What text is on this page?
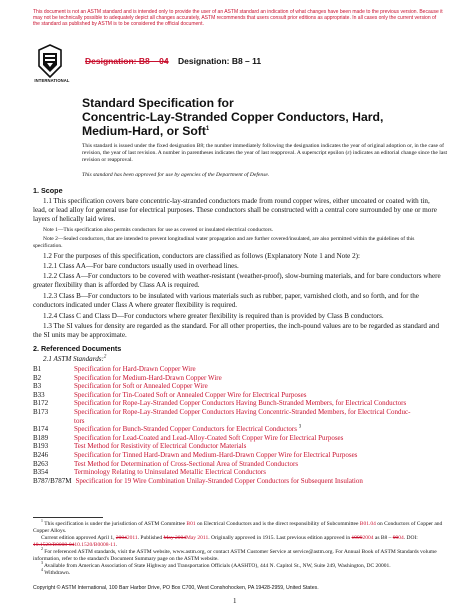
This document is not an ASTM standard and is intended only to provide the user of an ASTM standard an indication of what changes have been made to the previous version. Because it may not be technically possible to adequately depict all changes accurately, ASTM recommends that users consult prior editions as appropriate. In all cases only the current version of the standard as published by ASTM is to be considered the official document.
INTERNATIONAL
Designation: B8 – 04 Designation: B8 – 11
Standard Specification for
Concentric-Lay-Stranded Copper Conductors, Hard,
Medium-Hard, or Soft$^1$
This standard is issued under the fixed designation B8; the number immediately following the designation indicates the year of original adoption or, in the case of revision, the year of last revision. A number in parentheses indicates the year of last reapproval. A superscript epsilon (ε) indicates an editorial change since the last revision or reapproval.
This standard has been approved for use by agencies of the Department of Defense.
1. Scope
1.1 This specification covers bare concentric-lay-stranded conductors made from round copper wires, either uncoated or coated with tin, lead, or lead alloy for general use for electrical purposes. These conductors shall be constructed with a central core surrounded by one or more layers of helically laid wires.
Note 1—This specification also permits conductors for use as covered or insulated electrical conductors.
Note 2—Sealed conductors, that are intended to prevent longitudinal water propagation and are further covered/insulated, are also permitted within the guidelines of this specification.
1.2 For the purposes of this specification, conductors are classified as follows (Explanatory Note 1 and Note 2):
1.2.1 Class AA—For bare conductors usually used in overhead lines.
1.2.2 Class A—For conductors to be covered with weather-resistant (weather-proof), slow-burning materials, and for bare conductors where greater flexibility than is afforded by Class AA is required.
1.2.3 Class B—For conductors to be insulated with various materials such as rubber, paper, varnished cloth, and so forth, and for the conductors indicated under Class A where greater flexibility is required.
1.2.4 Class C and Class D—For conductors where greater flexibility is required than is provided by Class B conductors.
1.3 The SI values for density are regarded as the standard. For all other properties, the inch-pound values are to be regarded as standard and the SI units may be approximate.
2. Referenced Documents
2.1 ASTM Standards:$^2$
B1	Specification for Hard-Drawn Copper Wire
B2	Specification for Medium-Hard-Drawn Copper Wire
B3	Specification for Soft or Annealed Copper Wire
B33	Specification for Tin-Coated Soft or Annealed Copper Wire for Electrical Purposes
B172	Specification for Rope-Lay-Stranded Copper Conductors Having Bunch-Stranded Members, for Electrical Conductors
B173	Specification for Rope-Lay-Stranded Copper Conductors Having Concentric-Stranded Members, for Electrical Conduc-
tors
B174	Specification for Bunch-Stranded Copper Conductors for Electrical Conductors $^3$
B189	Specification for Lead-Coated and Lead-Alloy-Coated Soft Copper Wire for Electrical Purposes
B193	Test Method for Resistivity of Electrical Conductor Materials
B246	Specification for Tinned Hard-Drawn and Medium-Hard-Drawn Copper Wire for Electrical Purposes
B263	Test Method for Determination of Cross-Sectional Area of Stranded Conductors
B354	Terminology Relating to Uninsulated Metallic Electrical Conductors
B787/B787M Specification for 19 Wire Combination Unilay-Stranded Copper Conductors for Subsequent Insulation
$^1$ This specification is under the jurisdiction of ASTM Committee B01 on Electrical Conductors and is the direct responsibility of Subcommittee B01.04 on Conductors of Copper and Copper Alloys.
Current edition approved April 1, 20042011. Published May 2004May 2011. Originally approved in 1915. Last previous edition approved in 19992004 as B8 – 9904. DOI: 10.1520/B0008-0410.1520/B0008-11.
$^2$ For referenced ASTM standards, visit the ASTM website, www.astm.org, or contact ASTM Customer Service at service@astm.org. For Annual Book of ASTM Standards volume information, refer to the standard's Document Summary page on the ASTM website.
$^3$ Available from American Association of State Highway and Transportation Officials (AASHTO), 444 N. Capitol St., NW, Suite 249, Washington, DC 20001.
$^4$ Withdrawn.
Copyright © ASTM International, 100 Barr Harbor Drive, PO Box C700, West Conshohocken, PA 19428-2959, United States.
1
